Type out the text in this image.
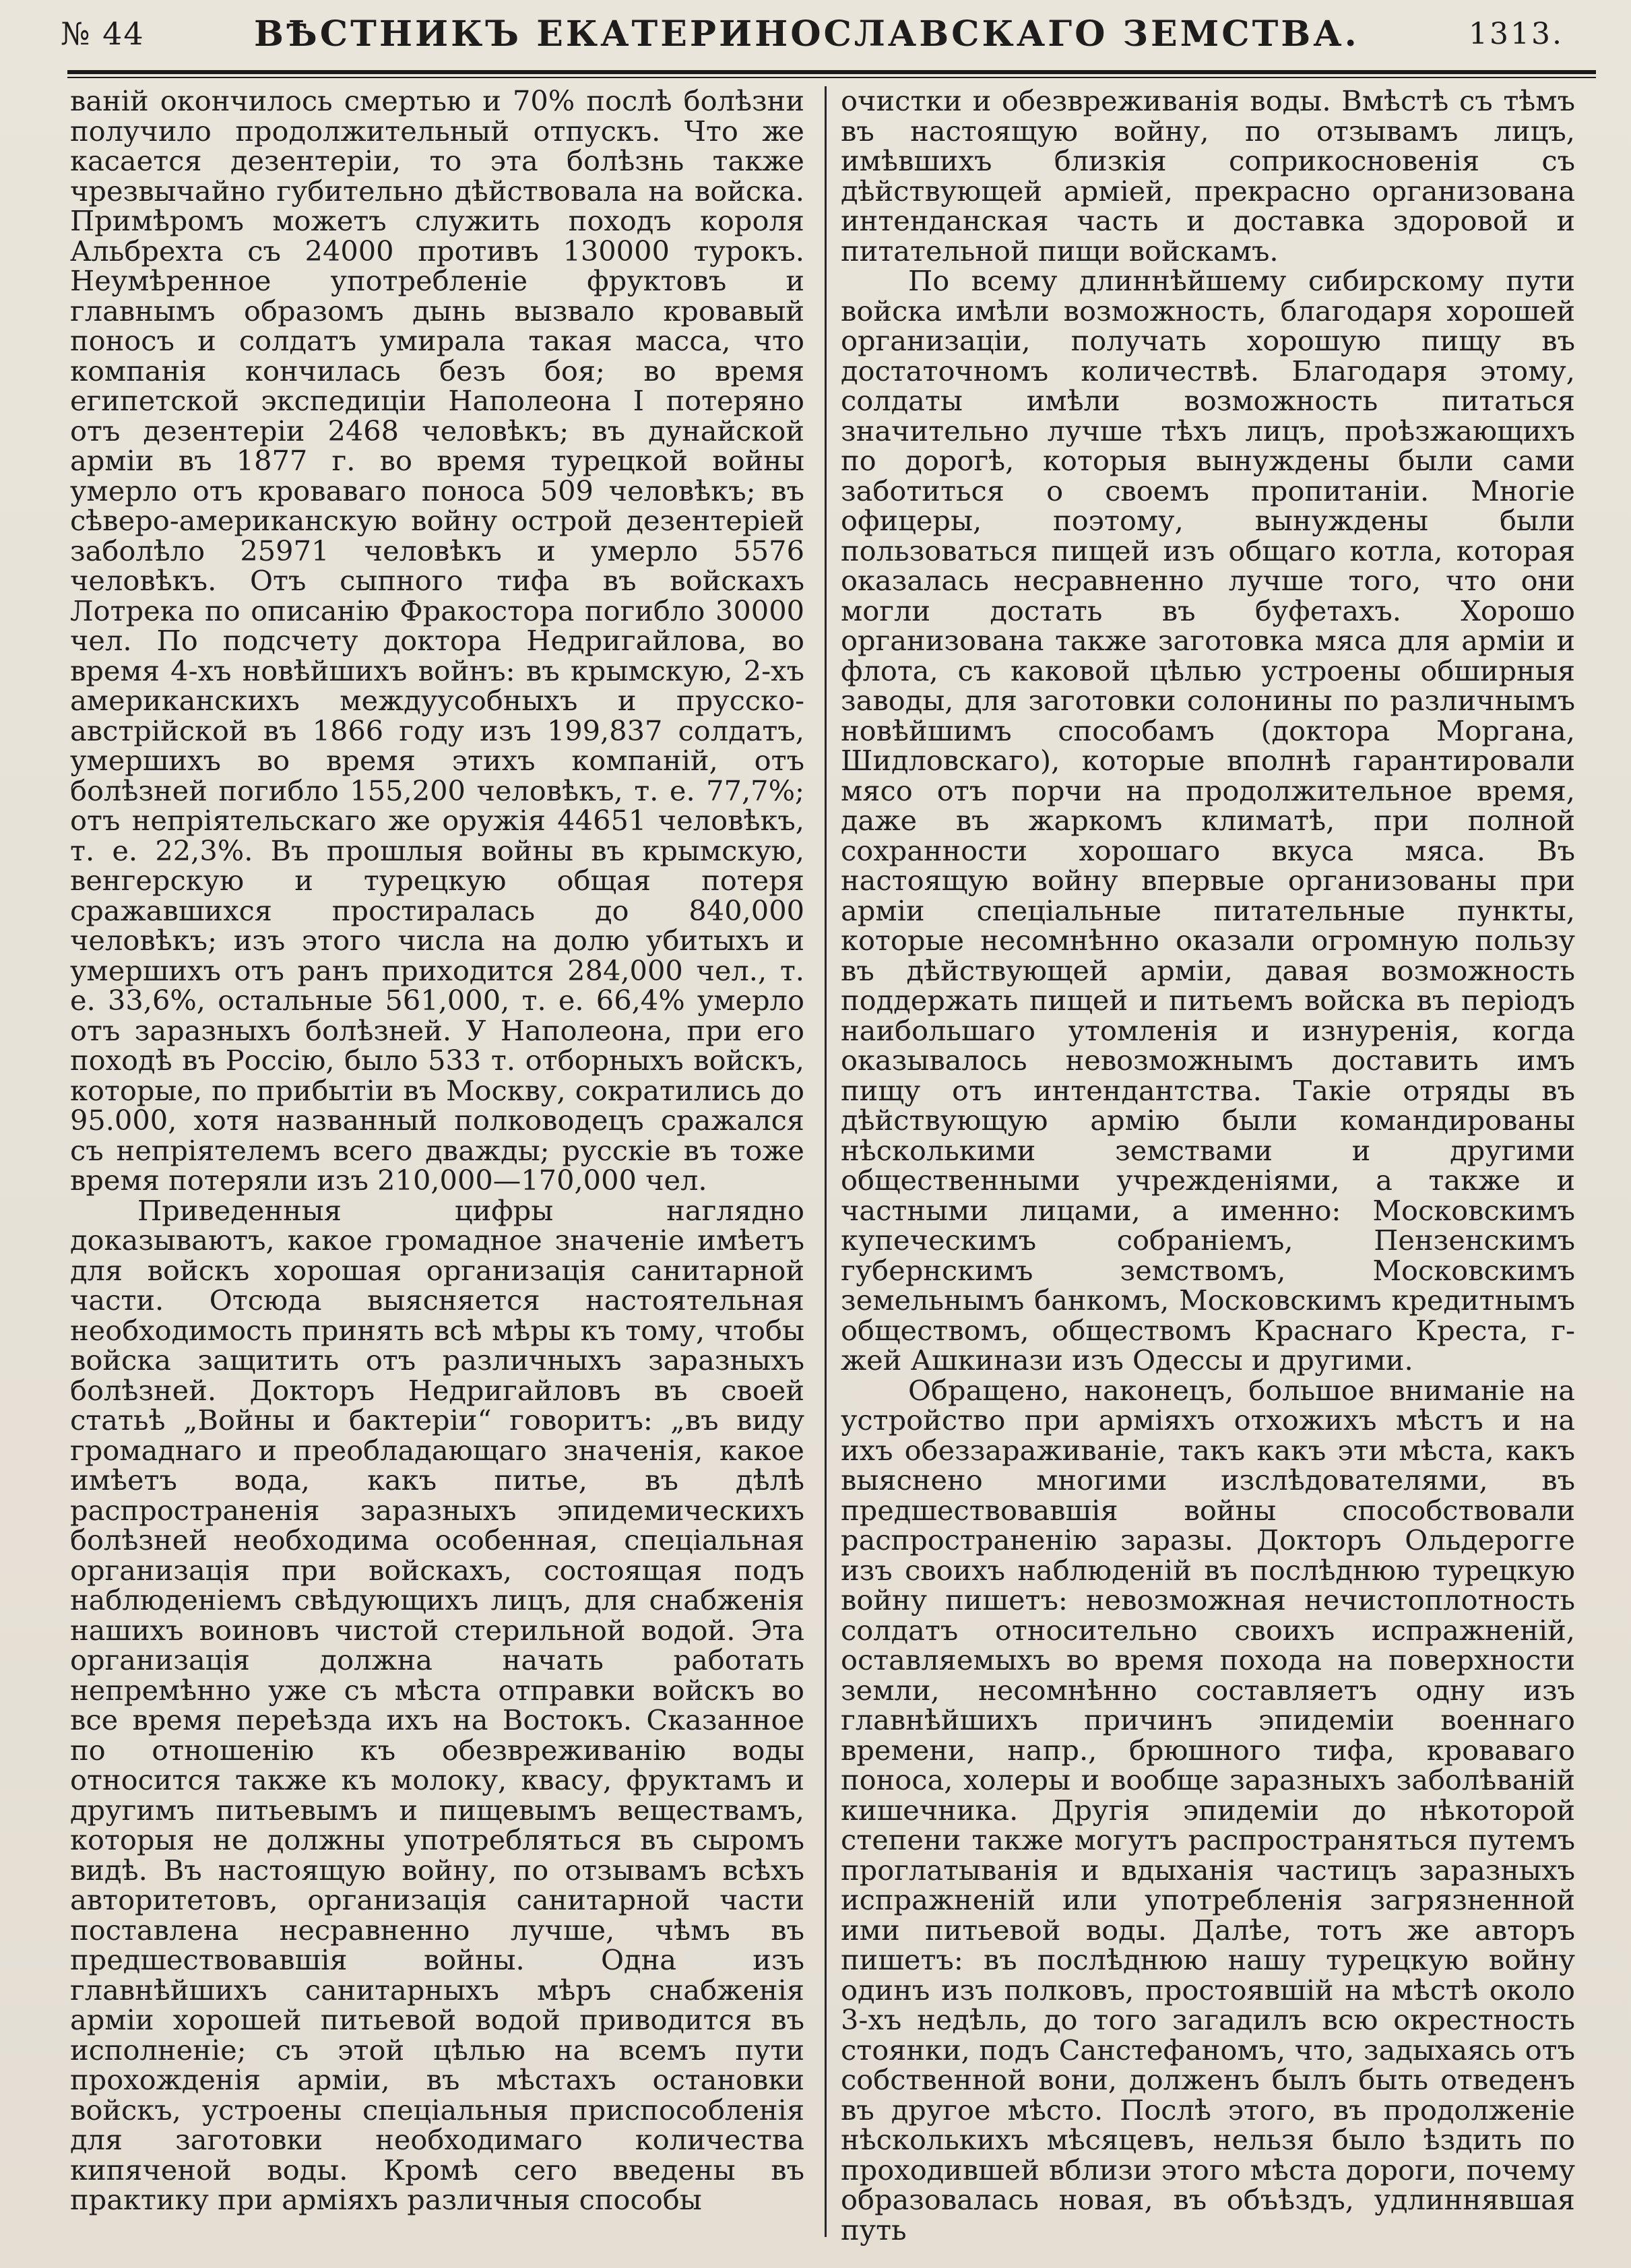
№ 44	ВѢСТНИКЪ ЕКАТЕРИНОСЛАВСКАГО ЗЕМСТВА.	1313.

ваній окончилось смертью и 70% послѣ болѣзни получило продолжительный отпускъ. Что же касается дезентеріи, то эта болѣзнь также чрезвычайно губительно дѣйствовала на войска. Примѣромъ можетъ служить походъ короля Альбрехта съ 24000 противъ 130000 турокъ. Неумѣренное употребленіе фруктовъ и главнымъ образомъ дынь вызвало кровавый поносъ и солдатъ умирала такая масса, что компанія кончилась безъ боя; во время египетской экспедиціи Наполеона I потеряно отъ дезентеріи 2468 человѣкъ; въ дунайской арміи въ 1877 г. во время турецкой войны умерло отъ кровавaго поноса 509 человѣкъ; въ сѣверо-американскую войну острой дезентеріей заболѣло 25971 человѣкъ и умерло 5576 человѣкъ. Отъ сыпного тифа въ войскахъ Лотрека по описанію Фракостора погибло 30000 чел. По подсчету доктора Недригайлова, во время 4-хъ новѣйшихъ войнъ: въ крымскую, 2-хъ американскихъ междуусобныхъ и прусско-австрійской въ 1866 году изъ 199,837 солдатъ, умершихъ во время этихъ компаній, отъ болѣзней погибло 155,200 человѣкъ, т. е. 77,7%; отъ непріятельскаго же оружія 44651 человѣкъ, т. е. 22,3%. Въ прошлыя войны въ крымскую, венгерскую и турецкую общая потеря сражавшихся простиралась до 840,000 человѣкъ; изъ этого числа на долю убитыхъ и умершихъ отъ ранъ приходится 284,000 чел., т. е. 33,6%, остальные 561,000, т. е. 66,4% умерло отъ заразныхъ болѣзней. У Наполеона, при его походѣ въ Россію, было 533 т. отборныхъ войскъ, которые, по прибытіи въ Москву, сократились до 95.000, хотя названный полководецъ сражался съ непріятелемъ всего дважды; русскіе въ тоже время потеряли изъ 210,000—170,000 чел.

Приведенныя цифры наглядно доказываютъ, какое громадное значеніе имѣетъ для войскъ хорошая организація санитарной части. Отсюда выясняется настоятельная необходимость принять всѣ мѣры къ тому, чтобы войска защитить отъ различныхъ заразныхъ болѣзней. Докторъ Недригайловъ въ своей статьѣ „Войны и бактеріи“ говоритъ: „въ виду громаднаго и преобладающаго значенія, какое имѣетъ вода, какъ питье, въ дѣлѣ распространенія заразныхъ эпидемическихъ болѣзней необходима особенная, спеціальная организація при войскахъ, состоящая подъ наблюденіемъ свѣдующихъ лицъ, для снабженія нашихъ воиновъ чистой стерильной водой. Эта организація должна начать работать непремѣнно уже съ мѣста отправки войскъ во все время переѣзда ихъ на Востокъ. Сказанное по отношенію къ обезвреживанію воды относится также къ молоку, квасу, фруктамъ и другимъ питьевымъ и пищевымъ веществамъ, которыя не должны употребляться въ сыромъ видѣ. Въ настоящую войну, по отзывамъ всѣхъ авторитетовъ, организація санитарной части поставлена несравненно лучше, чѣмъ въ предшествовавшія войны. Одна изъ главнѣйшихъ санитарныхъ мѣръ снабженія арміи хорошей питьевой водой приводится въ исполненіе; съ этой цѣлью на всемъ пути прохожденія арміи, въ мѣстахъ остановки войскъ, устроены спеціальныя приспособленія для заготовки необходимаго количества кипяченой воды. Кромѣ сего введены въ практику при арміяхъ различныя способы

очистки и обезвреживанія воды. Вмѣстѣ съ тѣмъ въ настоящую войну, по отзывамъ лицъ, имѣвшихъ близкія соприкосновенія съ дѣйствующей арміей, прекрасно организована интенданская часть и доставка здоровой и питательной пищи войскамъ.

По всему длиннѣйшему сибирскому пути войска имѣли возможность, благодаря хорошей организаціи, получать хорошую пищу въ достаточномъ количествѣ. Благодаря этому, солдаты имѣли возможность питаться значительно лучше тѣхъ лицъ, проѣзжающихъ по дорогѣ, которыя вынуждены были сами заботиться о своемъ пропитаніи. Многіе офицеры, поэтому, вынуждены были пользоваться пищей изъ общаго котла, которая оказалась несравненно лучше того, что они могли достать въ буфетахъ. Хорошо организована также заготовка мяса для арміи и флота, съ каковой цѣлью устроены обширныя заводы, для заготовки солонины по различнымъ новѣйшимъ способамъ (доктора Моргана, Шидловскаго), которые вполнѣ гарантировали мясо отъ порчи на продолжительное время, даже въ жаркомъ климатѣ, при полной сохранности хорошаго вкуса мяса. Въ настоящую войну впервые организованы при арміи спеціальные питательные пункты, которые несомнѣнно оказали огромную пользу въ дѣйствующей арміи, давая возможность поддержать пищей и питьемъ войска въ періодъ наибольшаго утомленія и изнуренія, когда оказывалось невозможнымъ доставить имъ пищу отъ интендантства. Такіе отряды въ дѣйствующую армію были командированы нѣсколькими земствами и другими общественными учрежденіями, а также и частными лицами, а именно: Московскимъ купеческимъ собраніемъ, Пензенскимъ губернскимъ земствомъ, Московскимъ земельнымъ банкомъ, Московскимъ кредитнымъ обществомъ, обществомъ Краснаго Креста, г-жей Ашкинази изъ Одессы и другими.

Обращено, наконецъ, большое вниманіе на устройство при арміяхъ отхожихъ мѣстъ и на ихъ обеззараживаніе, такъ какъ эти мѣста, какъ выяснено многими изслѣдователями, въ предшествовавшія войны способствовали распространенію заразы. Докторъ Ольдерогге изъ своихъ наблюденій въ послѣднюю турецкую войну пишетъ: невозможная нечистоплотность солдатъ относительно своихъ испражненій, оставляемыхъ во время похода на поверхности земли, несомнѣнно составляетъ одну изъ главнѣйшихъ причинъ эпидеміи военнаго времени, напр., брюшного тифа, кровавaго поноса, холеры и вообще заразныхъ заболѣваній кишечника. Другія эпидеміи до нѣкоторой степени также могутъ распространяться путемъ проглатыванія и вдыханія частицъ заразныхъ испражненій или употребленія загрязненной ими питьевой воды. Далѣе, тотъ же авторъ пишетъ: въ послѣднюю нашу турецкую войну одинъ изъ полковъ, простоявшій на мѣстѣ около 3-хъ недѣль, до того загадилъ всю окрестность стоянки, подъ Санстефаномъ, что, задыхаясь отъ собственной вони, долженъ былъ быть отведенъ въ другое мѣсто. Послѣ этого, въ продолженіе нѣсколькихъ мѣсяцевъ, нельзя было ѣздить по проходившей вблизи этого мѣста дороги, почему образовалась новая, въ объѣздъ, удлиннявшая путь
